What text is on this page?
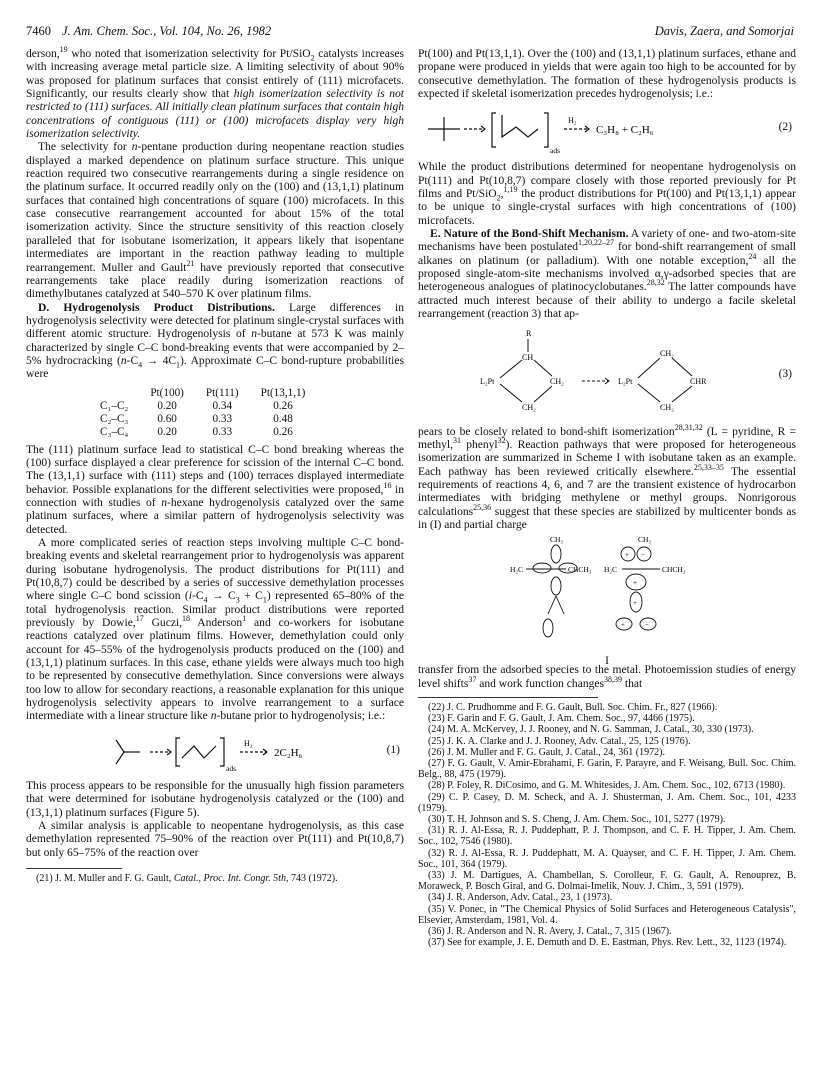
7460 J. Am. Chem. Soc., Vol. 104, No. 26, 1982	Davis, Zaera, and Somorjai

derson,$^{19}$ who noted that isomerization selectivity for Pt/SiO$_2$ catalysts increases with increasing average metal particle size. A limiting selectivity of about 90% was proposed for platinum surfaces that consist entirely of (111) microfacets. Significantly, our results clearly show that high isomerization selectivity is not restricted to (111) surfaces. All initially clean platinum surfaces that contain high concentrations of contiguous (111) or (100) microfacets display very high isomerization selectivity.

The selectivity for n-pentane production during neopentane reaction studies displayed a marked dependence on platinum surface structure. This unique reaction required two consecutive rearrangements during a single residence on the platinum surface. It occurred readily only on the (100) and (13,1,1) platinum surfaces that contained high concentrations of square (100) microfacets. In this case consecutive rearrangement accounted for about 15% of the total isomerization activity. Since the structure sensitivity of this reaction closely paralleled that for isobutane isomerization, it appears likely that isopentane intermediates are important in the reaction pathway leading to multiple rearrangement. Muller and Gault$^{21}$ have previously reported that consecutive rearrangements take place readily during isomerization reactions of dimethylbutanes catalyzed at 540–570 K over platinum films.

D. Hydrogenolysis Product Distributions. Large differences in hydrogenolysis selectivity were detected for platinum single-crystal surfaces with different atomic structure. Hydrogenolysis of n-butane at 573 K was mainly characterized by single C–C bond-breaking events that were accompanied by 2–5% hydrocracking $(n-C_4 \to 4C_1)$. Approximate C–C bond-rupture probabilities were

	Pt(100)	Pt(111)	Pt(13,1,1)
C₁–C₂	0.20	0.34	0.26
C₂–C₃	0.60	0.33	0.48
C₃–C₄	0.20	0.33	0.26

The (111) platinum surface lead to statistical C–C bond breaking whereas the (100) surface displayed a clear preference for scission of the internal C–C bond. The (13,1,1) surface with (111) steps and (100) terraces displayed intermediate behavior. Possible explanations for the different selectivities were proposed,$^{16}$ in connection with studies of n-hexane hydrogenolysis catalyzed over the same platinum surfaces, where a similar pattern of hydrogenolysis selectivity was detected.

A more complicated series of reaction steps involving multiple C–C bond-breaking events and skeletal rearrangement prior to hydrogenolysis was apparent during isobutane hydrogenolysis. The product distributions for Pt(111) and Pt(10,8,7) could be described by a series of successive demethylation processes where single C–C bond scission $(i-C_4 \to C_3 + C_1)$ represented 65–80% of the total hydrogenolysis reaction. Similar product distributions were reported previously by Dowie,$^{17}$ Guczi,$^{18}$ Anderson$^1$ and co-workers for isobutane reactions catalyzed over platinum films. However, demethylation could only account for 45–55% of the hydrogenolysis products produced on the (100) and (13,1,1) platinum surfaces. In this case, ethane yields were always much too high to be represented by consecutive demethylation. Since conversions were always too low to allow for secondary reactions, a reasonable explanation for this unique hydrogenolysis selectivity appears to involve rearrangement to a surface intermediate with a linear structure like n-butane prior to hydrogenolysis; i.e.:

H₂
ads
2C₂H₆	(1)

This process appears to be responsible for the unusually high fission parameters that were determined for isobutane hydrogenolysis catalyzed or the (100) and (13,1,1) platinum surfaces (Figure 5).

A similar analysis is applicable to neopentane hydrogenolysis, as this case demethylation represented 75–90% of the reaction over Pt(111) and Pt(10,8,7) but only 65–75% of the reaction over

(21) J. M. Muller and F. G. Gault, Catal., Proc. Int. Congr. 5th, 743 (1972).

Pt(100) and Pt(13,1,1). Over the (100) and (13,1,1) platinum surfaces, ethane and propane were produced in yields that were again too high to be accounted for by consecutive demethylation. The formation of these hydrogenolysis products is expected if skeletal isomerization precedes hydrogenolysis; i.e.:

H₂
ads
C₃H₈ + C₂H₆	(2)

While the product distributions determined for neopentane hydrogenolysis on Pt(111) and Pt(10,8,7) compare closely with those reported previously for Pt films and Pt/SiO$_2$,$^{1,19}$ the product distributions for Pt(100) and Pt(13,1,1) appear to be unique to single-crystal surfaces with high concentrations of (100) microfacets.

E. Nature of the Bond-Shift Mechanism. A variety of one- and two-atom-site mechanisms have been postulated$^{1,20,22-27}$ for bond-shift rearrangement of small alkanes on platinum (or palladium). With one notable exception,$^{24}$ all the proposed single-atom-site mechanisms involved α,γ-adsorbed species that are heterogeneous analogues of platinocyclobutanes.$^{28,32}$ The latter compounds have attracted much interest because of their ability to undergo a facile skeletal rearrangement (reaction 3) that ap-

R
CH
L₂Pt	CH₂
CH₂
L₂Pt
CH₂
CHR
CH₂
(3)

pears to be closely related to bond-shift isomerization$^{28,31,32}$ (L = pyridine, R = methyl,$^{31}$ phenyl$^{32}$). Reaction pathways that were proposed for heterogeneous isomerization are summarized in Scheme I with isobutane taken as an example. Each pathway has been reviewed critically elsewhere.$^{25,33-35}$ The essential requirements of reactions 4, 6, and 7 are the transient existence of hydrocarbon intermediates with bridging methylene or methyl groups. Nonrigorous calculations$^{25,36}$ suggest that these species are stabilized by multicenter bonds as in (I) and partial charge

CH₃
H₂C	CHCH₃
CH₃
H₂C	CHCH₃
+ −
+
+
+	−
I

transfer from the adsorbed species to the metal. Photoemission studies of energy level shifts$^{37}$ and work function changes$^{38,39}$ that

(22) J. C. Prudhomme and F. G. Gault, Bull. Soc. Chim. Fr., 827 (1966).
(23) F. Garin and F. G. Gault, J. Am. Chem. Soc., 97, 4466 (1975).
(24) M. A. McKervey, J. J. Rooney, and N. G. Samman, J. Catal., 30, 330 (1973).
(25) J. K. A. Clarke and J. J. Rooney, Adv. Catal., 25, 125 (1976).
(26) J. M. Muller and F. G. Gault, J. Catal., 24, 361 (1972).
(27) F. G. Gault, V. Amir-Ebrahami, F. Garin, F. Parayre, and F. Weisang, Bull. Soc. Chim. Belg., 88, 475 (1979).
(28) P. Foley, R. DiCosimo, and G. M. Whitesides, J. Am. Chem. Soc., 102, 6713 (1980).
(29) C. P. Casey, D. M. Scheck, and A. J. Shusterman, J. Am. Chem. Soc., 101, 4233 (1979).
(30) T. H. Johnson and S. S. Cheng, J. Am. Chem. Soc., 101, 5277 (1979).
(31) R. J. Al-Essa, R. J. Puddephatt, P. J. Thompson, and C. F. H. Tipper, J. Am. Chem. Soc., 102, 7546 (1980).
(32) R. J. Al-Essa, R. J. Puddephatt, M. A. Quayser, and C. F. H. Tipper, J. Am. Chem. Soc., 101, 364 (1979).
(33) J. M. Dartigues, A. Chambellan, S. Corolleur, F. G. Gault, A. Renouprez, B. Moraweck, P. Bosch Giral, and G. Dolmai-Imelik, Nouv. J. Chim., 3, 591 (1979).
(34) J. R. Anderson, Adv. Catal., 23, 1 (1973).
(35) V. Ponec, in "The Chemical Physics of Solid Surfaces and Heterogeneous Catalysis", Elsevier, Amsterdam, 1981, Vol. 4.
(36) J. R. Anderson and N. R. Avery, J. Catal., 7, 315 (1967).
(37) See for example, J. E. Demuth and D. E. Eastman, Phys. Rev. Lett., 32, 1123 (1974).
